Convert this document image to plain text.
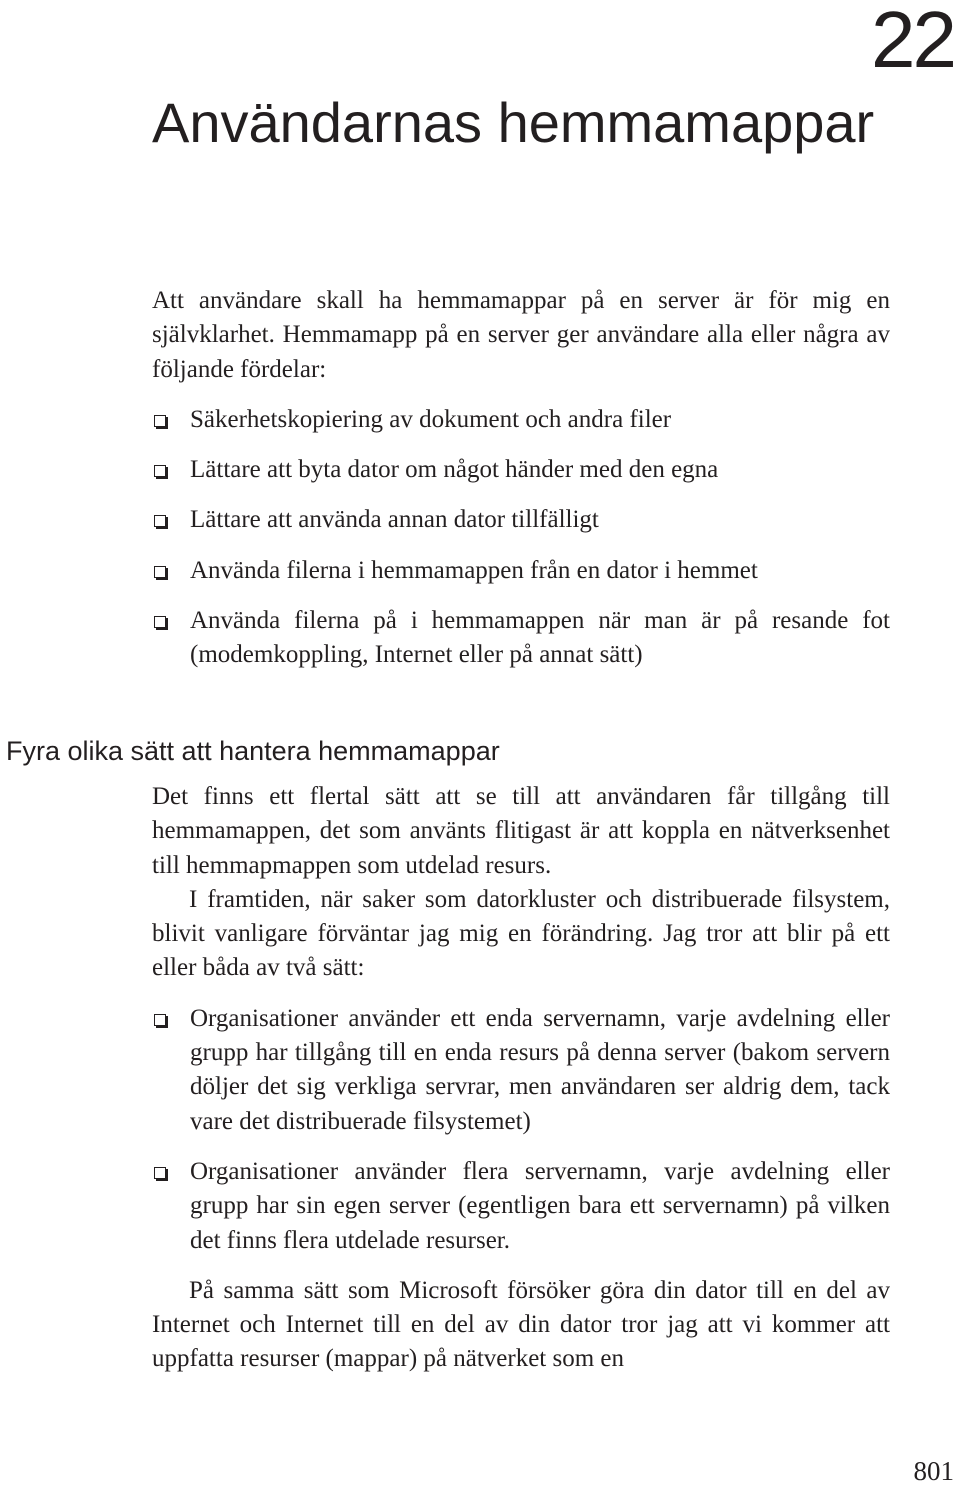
22
Användarnas hemmamappar

Att användare skall ha hemmamappar på en server är för mig en självklarhet. Hemmamapp på en server ger användare alla eller några av följande fördelar:

Säkerhetskopiering av dokument och andra filer
Lättare att byta dator om något händer med den egna
Lättare att använda annan dator tillfälligt
Använda filerna i hemmamappen från en dator i hemmet
Använda filerna på i hemmamappen när man är på resande fot (modemkoppling, Internet eller på annat sätt)
Fyra olika sätt att hantera hemmamappar

Det finns ett flertal sätt att se till att användaren får tillgång till hemmamappen, det som använts flitigast är att koppla en nätverksenhet till hemmapmappen som utdelad resurs.

I framtiden, när saker som datorkluster och distribuerade filsystem, blivit vanligare förväntar jag mig en förändring. Jag tror att blir på ett eller båda av två sätt:

Organisationer använder ett enda servernamn, varje avdelning eller grupp har tillgång till en enda resurs på denna server (bakom servern döljer det sig verkliga servrar, men användaren ser aldrig dem, tack vare det distribuerade filsystemet)
Organisationer använder flera servernamn, varje avdelning eller grupp har sin egen server (egentligen bara ett servernamn) på vilken det finns flera utdelade resurser.

På samma sätt som Microsoft försöker göra din dator till en del av Internet och Internet till en del av din dator tror jag att vi kommer att uppfatta resurser (mappar) på nätverket som en

801
